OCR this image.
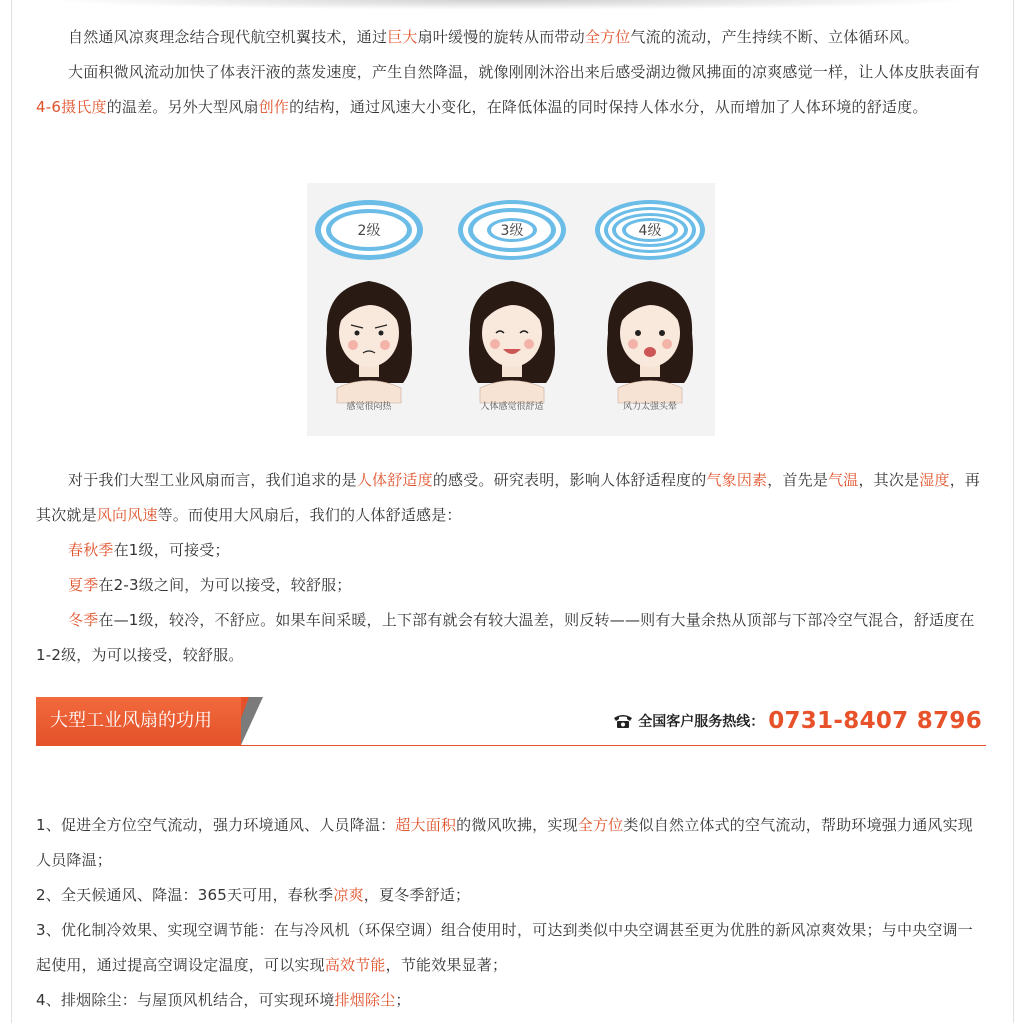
自然通风凉爽理念结合现代航空机翼技术，通过巨大扇叶缓慢的旋转从而带动全方位气流的流动，产生持续不断、立体循环风。

大面积微风流动加快了体表汗液的蒸发速度，产生自然降温，就像刚刚沐浴出来后感受湖边微风拂面的凉爽感觉一样，让人体皮肤表面有4-6摄氏度的温差。另外大型风扇创作的结构，通过风速大小变化，在降低体温的同时保持人体水分，从而增加了人体环境的舒适度。

2级	3级	4级
感觉很闷热	人体感觉很舒适	风力太强头晕

对于我们大型工业风扇而言，我们追求的是人体舒适度的感受。研究表明，影响人体舒适程度的气象因素，首先是气温，其次是湿度，再其次就是风向风速等。而使用大风扇后，我们的人体舒适感是：

春秋季在1级，可接受；

夏季在2-3级之间，为可以接受，较舒服；

冬季在—1级，较冷，不舒应。如果车间采暖，上下部有就会有较大温差，则反转——则有大量余热从顶部与下部冷空气混合，舒适度在1-2级，为可以接受，较舒服。

大型工业风扇的功用	全国客户服务热线： 0731-8407 8796

1、促进全方位空气流动，强力环境通风、人员降温：超大面积的微风吹拂，实现全方位类似自然立体式的空气流动，帮助环境强力通风实现人员降温；

2、全天候通风、降温：365天可用，春秋季凉爽，夏冬季舒适；

3、优化制冷效果、实现空调节能：在与冷风机（环保空调）组合使用时，可达到类似中央空调甚至更为优胜的新风凉爽效果；与中央空调一起使用，通过提高空调设定温度，可以实现高效节能，节能效果显著；

4、排烟除尘：与屋顶风机结合，可实现环境排烟除尘；
